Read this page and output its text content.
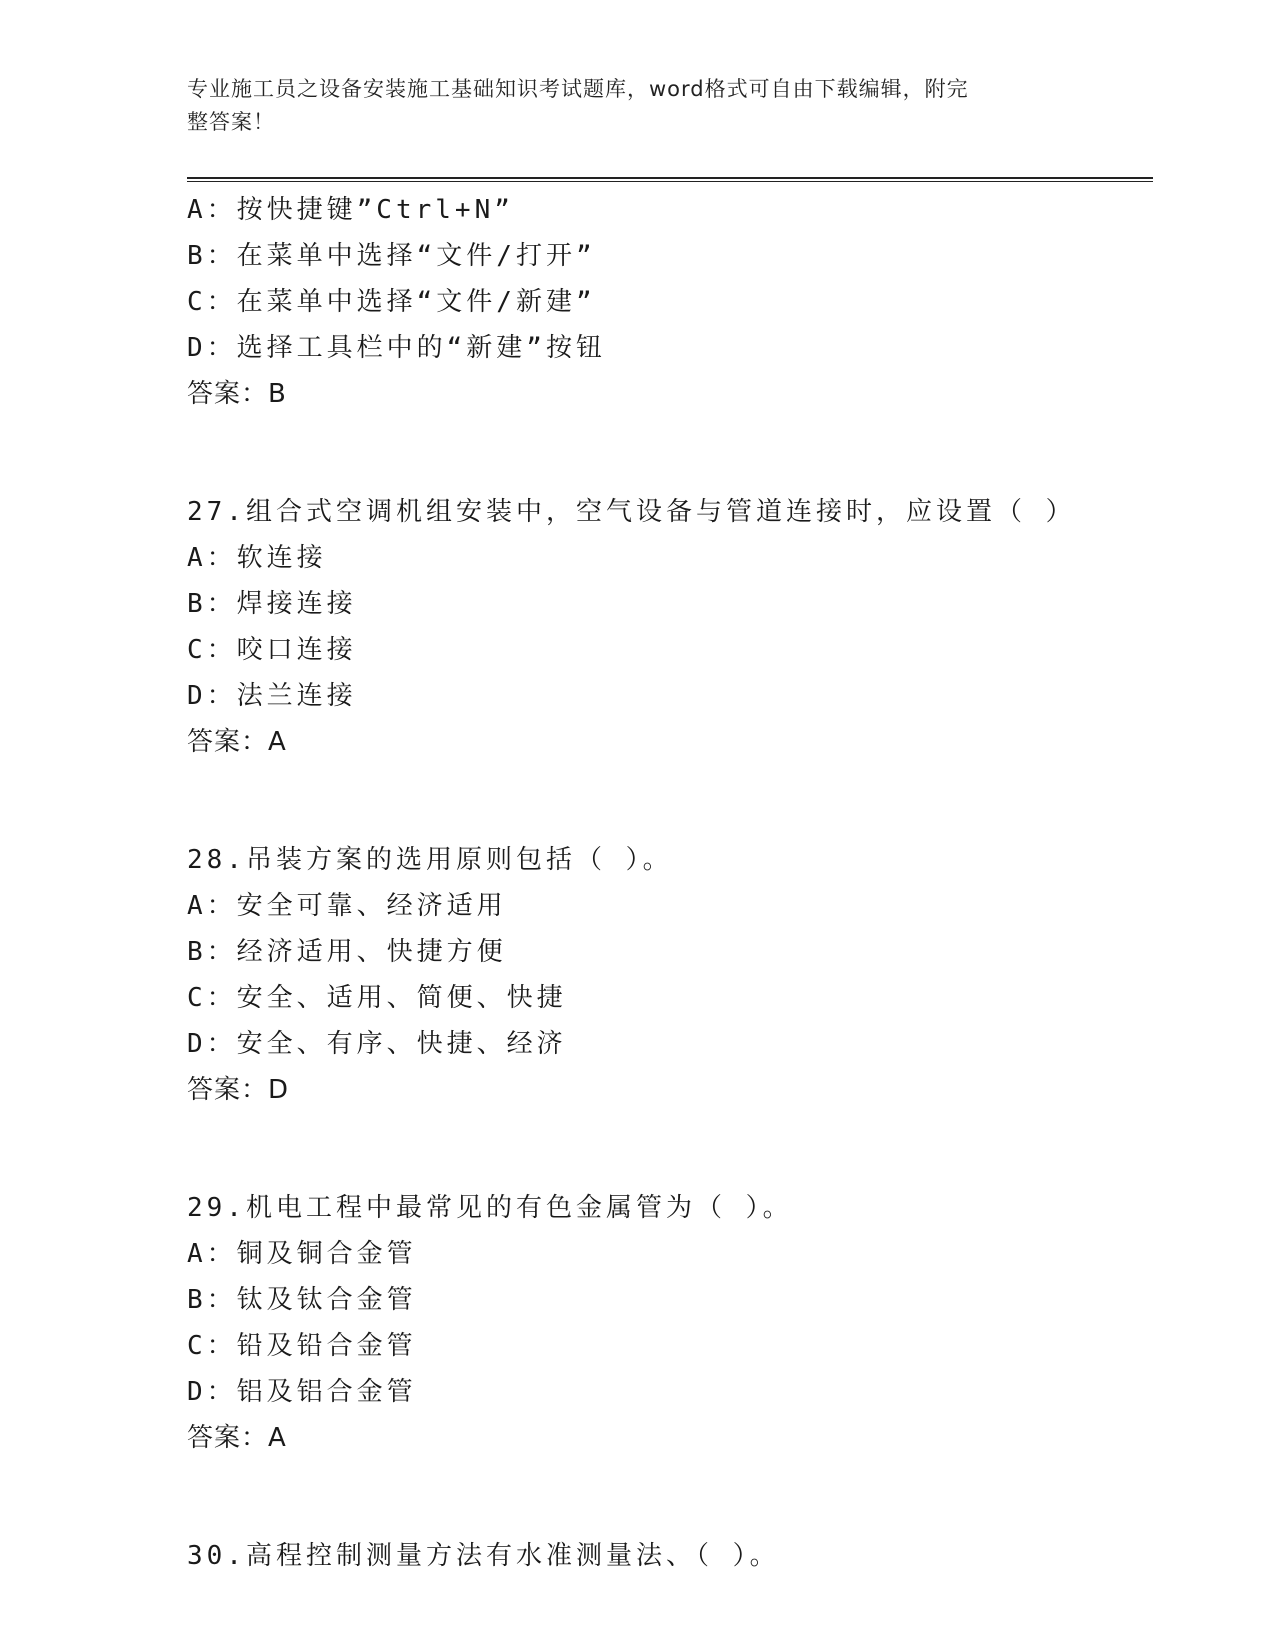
专业施工员之设备安装施工基础知识考试题库，word格式可自由下载编辑，附完
整答案！
A：按快捷键”Ctrl+N”
B：在菜单中选择“文件/打开”
C：在菜单中选择“文件/新建”
D：选择工具栏中的“新建”按钮
答案：B
27.组合式空调机组安装中，空气设备与管道连接时，应设置（ ）
A：软连接
B：焊接连接
C：咬口连接
D：法兰连接
答案：A
28.吊装方案的选用原则包括（ ）。
A：安全可靠、经济适用
B：经济适用、快捷方便
C：安全、适用、简便、快捷
D：安全、有序、快捷、经济
答案：D
29.机电工程中最常见的有色金属管为（ ）。
A：铜及铜合金管
B：钛及钛合金管
C：铅及铅合金管
D：铝及铝合金管
答案：A
30.高程控制测量方法有水准测量法、（ ）。
